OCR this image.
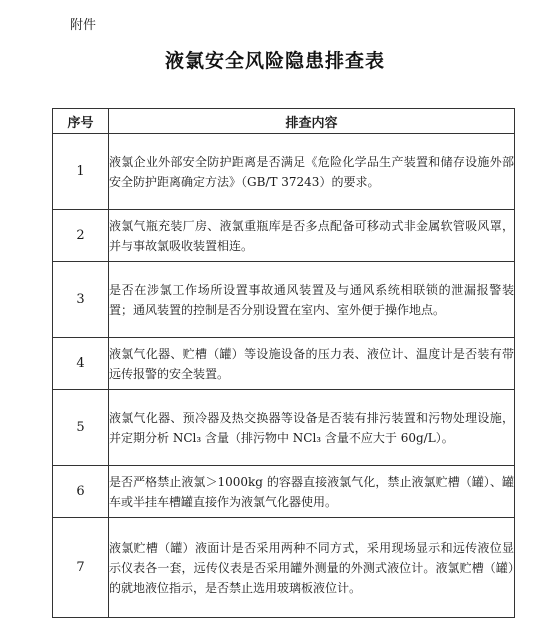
附件
液氯安全风险隐患排查表
序号	排查内容
1	液氯企业外部安全防护距离是否满足《危险化学品生产装置和储存设施外部安全防护距离确定方法》（GB/T 37243）的要求。
2	液氯气瓶充装厂房、液氯重瓶库是否多点配备可移动式非金属软管吸风罩，并与事故氯吸收装置相连。
3	是否在涉氯工作场所设置事故通风装置及与通风系统相联锁的泄漏报警装置；通风装置的控制是否分别设置在室内、室外便于操作地点。
4	液氯气化器、贮槽（罐）等设施设备的压力表、液位计、温度计是否装有带远传报警的安全装置。
5	液氯气化器、预冷器及热交换器等设备是否装有排污装置和污物处理设施，并定期分析 NCl₃ 含量（排污物中 NCl₃ 含量不应大于 60g/L）。
6	是否严格禁止液氯＞1000kg 的容器直接液氯气化，禁止液氯贮槽（罐）、罐车或半挂车槽罐直接作为液氯气化器使用。
7	液氯贮槽（罐）液面计是否采用两种不同方式，采用现场显示和远传液位显示仪表各一套，远传仪表是否采用罐外测量的外测式液位计。液氯贮槽（罐）的就地液位指示，是否禁止选用玻璃板液位计。
